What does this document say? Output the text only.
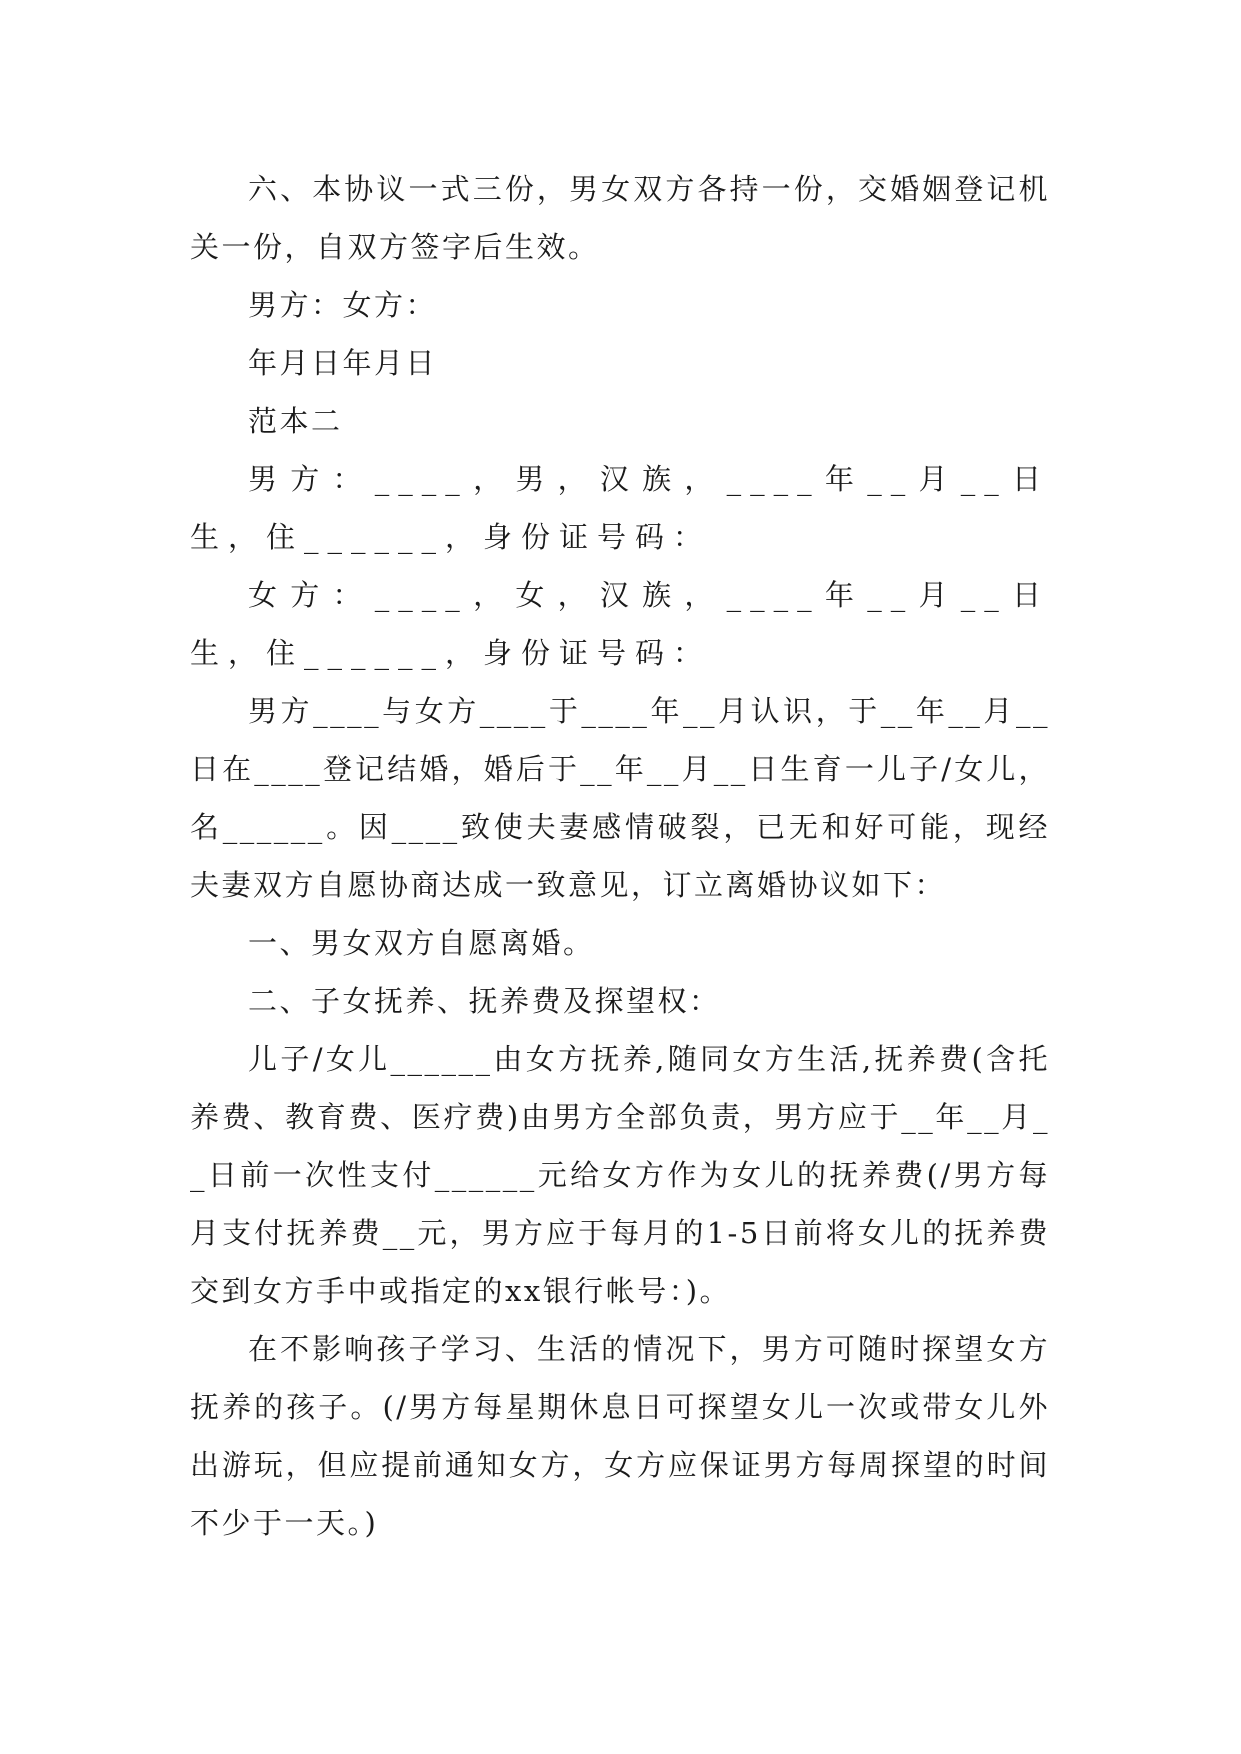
六、本协议一式三份，男女双方各持一份，交婚姻登记机关一份，自双方签字后生效。

男方：女方：

年月日年月日

范本二

男方：____，男，汉族，____年__月__日生，住______，身份证号码：

女方：____，女，汉族，____年__月__日生，住______，身份证号码：

男方____与女方____于____年__月认识，于__年__月__日在____登记结婚，婚后于__年__月__日生育一儿子/女儿，名______。因____致使夫妻感情破裂，已无和好可能，现经夫妻双方自愿协商达成一致意见，订立离婚协议如下：

一、男女双方自愿离婚。

二、子女抚养、抚养费及探望权：

儿子/女儿______由女方抚养,随同女方生活,抚养费(含托养费、教育费、医疗费)由男方全部负责，男方应于__年__月__日前一次性支付______元给女方作为女儿的抚养费(/男方每月支付抚养费__元，男方应于每月的1-5日前将女儿的抚养费交到女方手中或指定的xx银行帐号：)。

在不影响孩子学习、生活的情况下，男方可随时探望女方抚养的孩子。(/男方每星期休息日可探望女儿一次或带女儿外出游玩，但应提前通知女方，女方应保证男方每周探望的时间不少于一天。)
